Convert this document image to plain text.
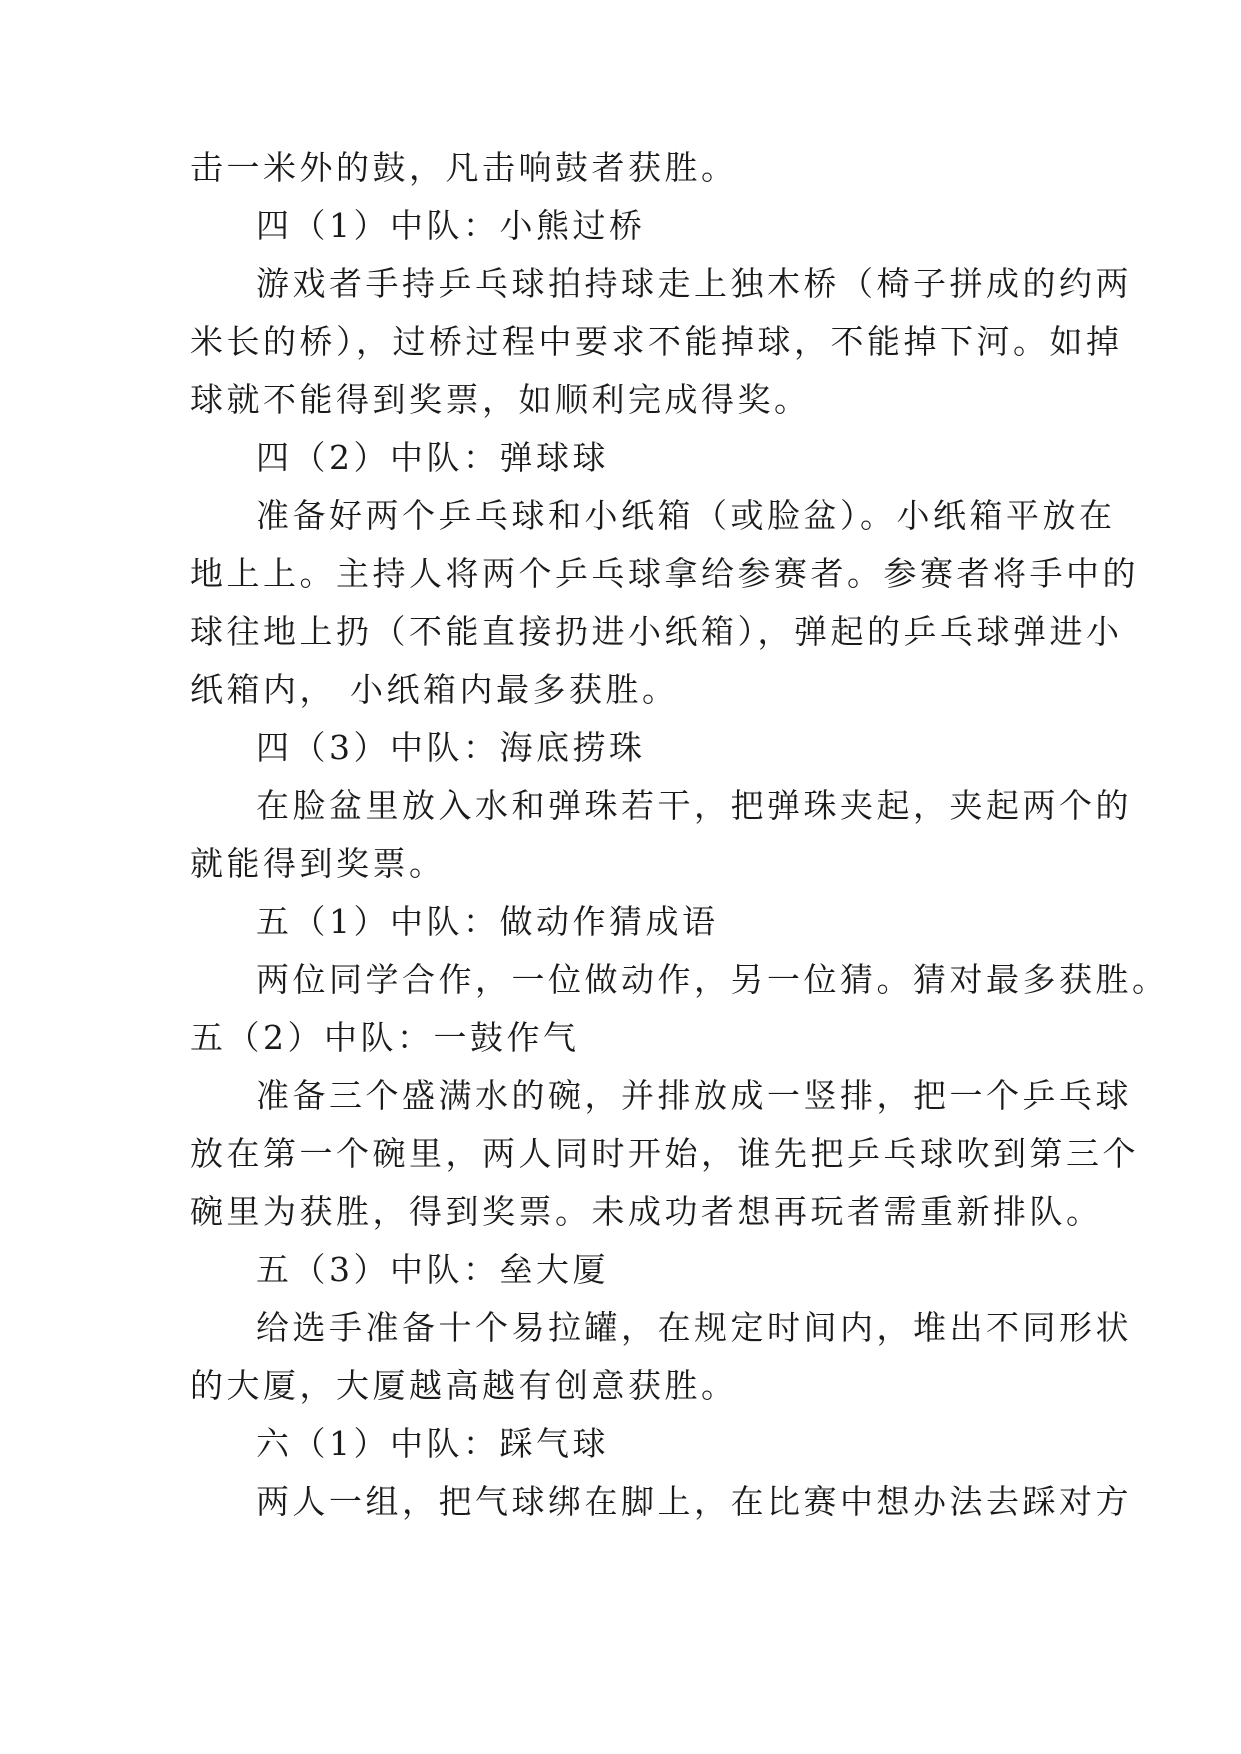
击一米外的鼓，凡击响鼓者获胜。
四（1）中队：小熊过桥
游戏者手持乒乓球拍持球走上独木桥（椅子拼成的约两
米长的桥），过桥过程中要求不能掉球，不能掉下河。如掉
球就不能得到奖票，如顺利完成得奖。
四（2）中队：弹球球
准备好两个乒乓球和小纸箱（或脸盆）。小纸箱平放在
地上上。主持人将两个乒乓球拿给参赛者。参赛者将手中的
球往地上扔（不能直接扔进小纸箱），弹起的乒乓球弹进小
纸箱内， 小纸箱内最多获胜。
四（3）中队：海底捞珠
在脸盆里放入水和弹珠若干，把弹珠夹起，夹起两个的
就能得到奖票。
五（1）中队：做动作猜成语
两位同学合作，一位做动作，另一位猜。猜对最多获胜。
五（2）中队：一鼓作气
准备三个盛满水的碗，并排放成一竖排，把一个乒乓球
放在第一个碗里，两人同时开始，谁先把乒乓球吹到第三个
碗里为获胜，得到奖票。未成功者想再玩者需重新排队。
五（3）中队：垒大厦
给选手准备十个易拉罐，在规定时间内，堆出不同形状
的大厦，大厦越高越有创意获胜。
六（1）中队：踩气球
两人一组，把气球绑在脚上，在比赛中想办法去踩对方
